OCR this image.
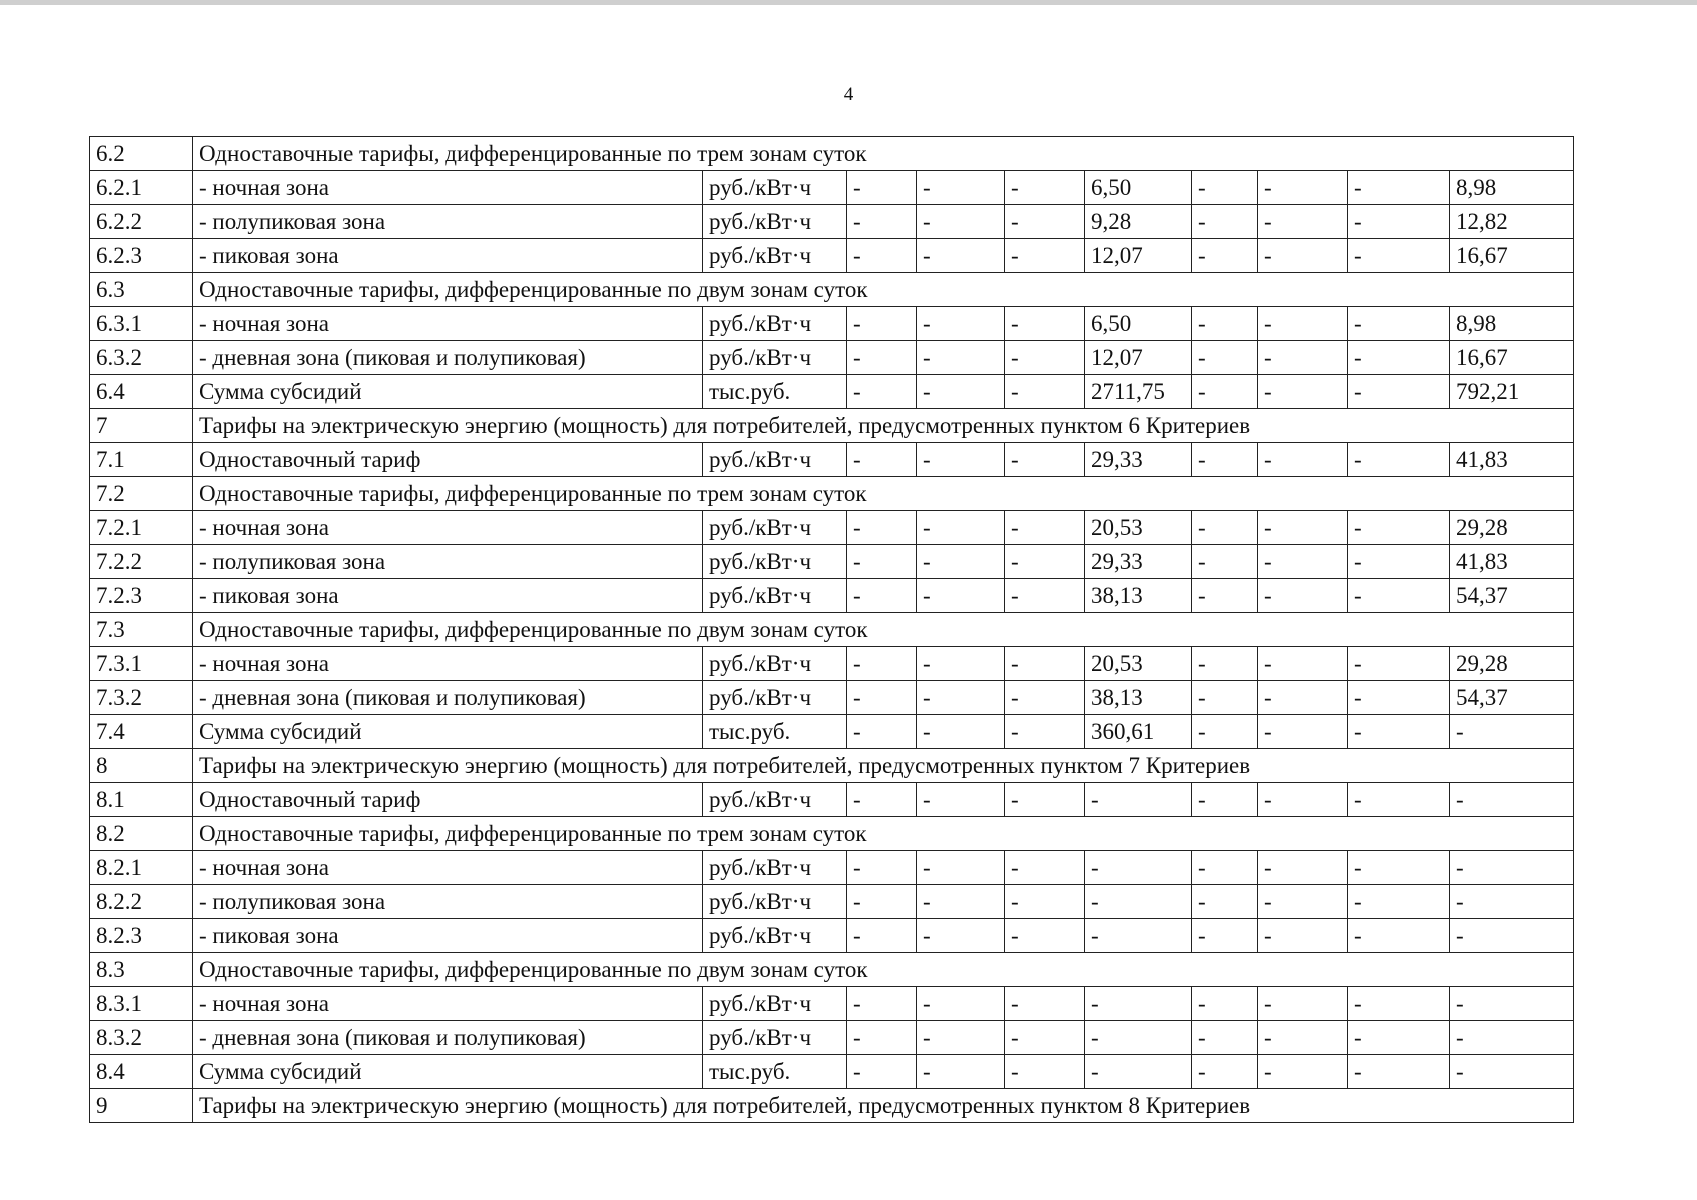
4
6.2	Одноставочные тарифы, дифференцированные по трем зонам суток									
6.2.1	- ночная зона	руб./кВт·ч	-	-	-	6,50	-	-	-	8,98
6.2.2	- полупиковая зона	руб./кВт·ч	-	-	-	9,28	-	-	-	12,82
6.2.3	- пиковая зона	руб./кВт·ч	-	-	-	12,07	-	-	-	16,67
6.3	Одноставочные тарифы, дифференцированные по двум зонам суток									
6.3.1	- ночная зона	руб./кВт·ч	-	-	-	6,50	-	-	-	8,98
6.3.2	- дневная зона (пиковая и полупиковая)	руб./кВт·ч	-	-	-	12,07	-	-	-	16,67
6.4	Сумма субсидий	тыс.руб.	-	-	-	2711,75	-	-	-	792,21
7	Тарифы на электрическую энергию (мощность) для потребителей, предусмотренных пунктом 6 Критериев									
7.1	Одноставочный тариф	руб./кВт·ч	-	-	-	29,33	-	-	-	41,83
7.2	Одноставочные тарифы, дифференцированные по трем зонам суток									
7.2.1	- ночная зона	руб./кВт·ч	-	-	-	20,53	-	-	-	29,28
7.2.2	- полупиковая зона	руб./кВт·ч	-	-	-	29,33	-	-	-	41,83
7.2.3	- пиковая зона	руб./кВт·ч	-	-	-	38,13	-	-	-	54,37
7.3	Одноставочные тарифы, дифференцированные по двум зонам суток									
7.3.1	- ночная зона	руб./кВт·ч	-	-	-	20,53	-	-	-	29,28
7.3.2	- дневная зона (пиковая и полупиковая)	руб./кВт·ч	-	-	-	38,13	-	-	-	54,37
7.4	Сумма субсидий	тыс.руб.	-	-	-	360,61	-	-	-	-
8	Тарифы на электрическую энергию (мощность) для потребителей, предусмотренных пунктом 7 Критериев									
8.1	Одноставочный тариф	руб./кВт·ч	-	-	-	-	-	-	-	-
8.2	Одноставочные тарифы, дифференцированные по трем зонам суток									
8.2.1	- ночная зона	руб./кВт·ч	-	-	-	-	-	-	-	-
8.2.2	- полупиковая зона	руб./кВт·ч	-	-	-	-	-	-	-	-
8.2.3	- пиковая зона	руб./кВт·ч	-	-	-	-	-	-	-	-
8.3	Одноставочные тарифы, дифференцированные по двум зонам суток									
8.3.1	- ночная зона	руб./кВт·ч	-	-	-	-	-	-	-	-
8.3.2	- дневная зона (пиковая и полупиковая)	руб./кВт·ч	-	-	-	-	-	-	-	-
8.4	Сумма субсидий	тыс.руб.	-	-	-	-	-	-	-	-
9	Тарифы на электрическую энергию (мощность) для потребителей, предусмотренных пунктом 8 Критериев									
